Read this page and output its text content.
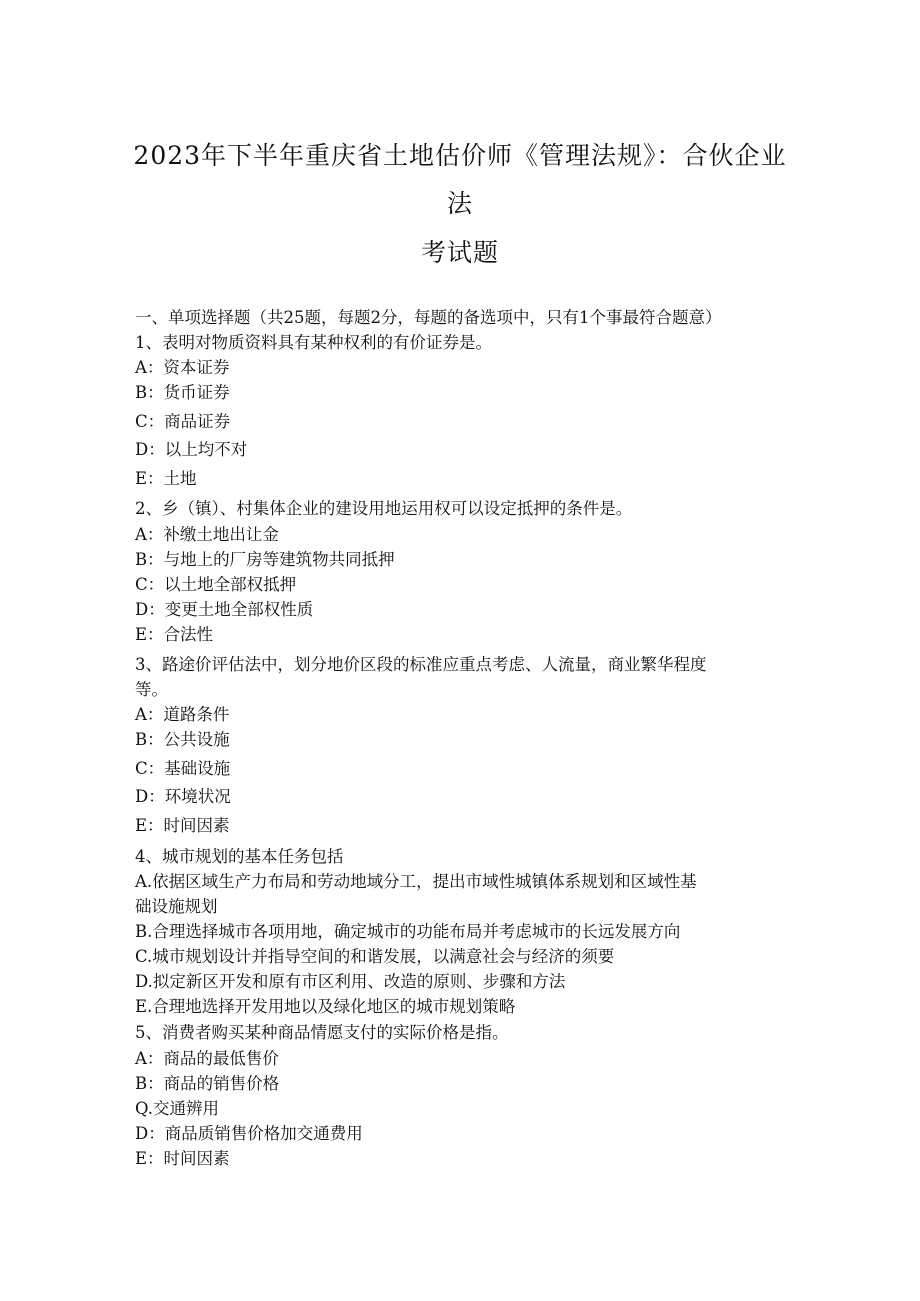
2023年下半年重庆省土地估价师《管理法规》：合伙企业
法
考试题
一、单项选择题（共25题，每题2分，每题的备选项中，只有1个事最符合题意）
1、表明对物质资料具有某种权利的有价证券是。
A：资本证券
B：货币证券
C：商品证券
D：以上均不对
E：土地
2、乡（镇）、村集体企业的建设用地运用权可以设定抵押的条件是。
A：补缴土地出让金
B：与地上的厂房等建筑物共同抵押
C：以土地全部权抵押
D：变更土地全部权性质
E：合法性
3、路途价评估法中，划分地价区段的标准应重点考虑、人流量，商业繁华程度
等。
A：道路条件
B：公共设施
C：基础设施
D：环境状况
E：时间因素
4、城市规划的基本任务包括
A.依据区域生产力布局和劳动地域分工，提出市域性城镇体系规划和区域性基
础设施规划
B.合理选择城市各项用地，确定城市的功能布局并考虑城市的长远发展方向
C.城市规划设计并指导空间的和谐发展，以满意社会与经济的须要
D.拟定新区开发和原有市区利用、改造的原则、步骤和方法
E.合理地选择开发用地以及绿化地区的城市规划策略
5、消费者购买某种商品情愿支付的实际价格是指。
A：商品的最低售价
B：商品的销售价格
Q.交通辨用
D：商品质销售价格加交通费用
E：时间因素
